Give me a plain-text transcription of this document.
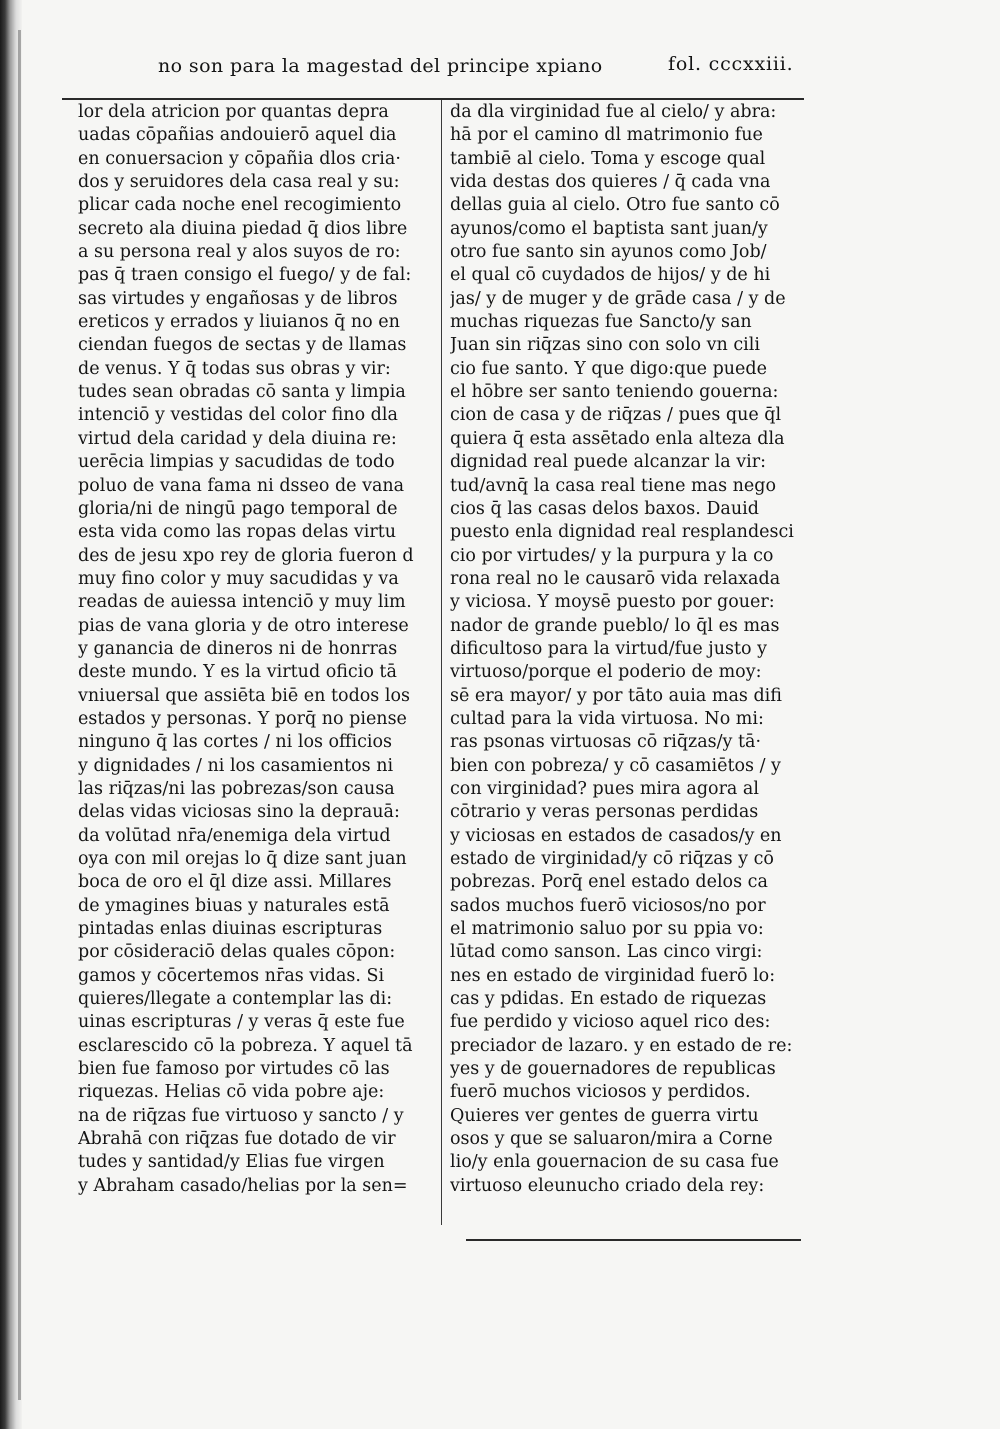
no son para la magestad del principe xpiano	fol. cccxxiii.
lor dela atricion por quantas depra
uadas cōpañias andouierō aquel dia
en conuersacion y cōpañia dlos cria·
dos y seruidores dela casa real y su:
plicar cada noche enel recogimiento
secreto ala diuina piedad q̄ dios libre
a su persona real y alos suyos de ro:
pas q̄ traen consigo el fuego/ y de fal:
sas virtudes y engañosas y de libros
ereticos y errados y liuianos q̄ no en
ciendan fuegos de sectas y de llamas
de venus. Y q̄ todas sus obras y vir:
tudes sean obradas cō santa y limpia
intenciō y vestidas del color fino dla
virtud dela caridad y dela diuina re:
uerēcia limpias y sacudidas de todo
poluo de vana fama ni dsseo de vana
gloria/ni de ningū pago temporal de
esta vida como las ropas delas virtu
des de jesu xpo rey de gloria fueron d
muy fino color y muy sacudidas y va
readas de auiessa intenciō y muy lim
pias de vana gloria y de otro interese
y ganancia de dineros ni de honrras
deste mundo. Y es la virtud oficio tā
vniuersal que assiēta biē en todos los
estados y personas. Y porq̄ no piense
ninguno q̄ las cortes / ni los officios
y dignidades / ni los casamientos ni
las riq̄zas/ni las pobrezas/son causa
delas vidas viciosas sino la deprauā:
da volūtad nr̄a/enemiga dela virtud
oya con mil orejas lo q̄ dize sant juan
boca de oro el q̄l dize assi. Millares
de ymagines biuas y naturales estā
pintadas enlas diuinas escripturas
por cōsideraciō delas quales cōpon:
gamos y cōcertemos nr̄as vidas. Si
quieres/llegate a contemplar las di:
uinas escripturas / y veras q̄ este fue
esclarescido cō la pobreza. Y aquel tā
bien fue famoso por virtudes cō las
riquezas. Helias cō vida pobre aje:
na de riq̄zas fue virtuoso y sancto / y
Abrahā con riq̄zas fue dotado de vir
tudes y santidad/y Elias fue virgen
y Abraham casado/helias por la sen=
da dla virginidad fue al cielo/ y abra:
hā por el camino dl matrimonio fue
tambiē al cielo. Toma y escoge qual
vida destas dos quieres / q̄ cada vna
dellas guia al cielo. Otro fue santo cō
ayunos/como el baptista sant juan/y
otro fue santo sin ayunos como Job/
el qual cō cuydados de hijos/ y de hi
jas/ y de muger y de grāde casa / y de
muchas riquezas fue Sancto/y san
Juan sin riq̄zas sino con solo vn cili
cio fue santo. Y que digo:que puede
el hōbre ser santo teniendo gouerna:
cion de casa y de riq̄zas / pues que q̄l
quiera q̄ esta assētado enla alteza dla
dignidad real puede alcanzar la vir:
tud/avnq̄ la casa real tiene mas nego
cios q̄ las casas delos baxos. Dauid
puesto enla dignidad real resplandesci
cio por virtudes/ y la purpura y la co
rona real no le causarō vida relaxada
y viciosa. Y moysē puesto por gouer:
nador de grande pueblo/ lo q̄l es mas
dificultoso para la virtud/fue justo y
virtuoso/porque el poderio de moy:
sē era mayor/ y por tāto auia mas difi
cultad para la vida virtuosa. No mi:
ras psonas virtuosas cō riq̄zas/y tā·
bien con pobreza/ y cō casamiētos / y
con virginidad? pues mira agora al
cōtrario y veras personas perdidas
y viciosas en estados de casados/y en
estado de virginidad/y cō riq̄zas y cō
pobrezas. Porq̄ enel estado delos ca
sados muchos fuerō viciosos/no por
el matrimonio saluo por su ppia vo:
lūtad como sanson. Las cinco virgi:
nes en estado de virginidad fuerō lo:
cas y pdidas. En estado de riquezas
fue perdido y vicioso aquel rico des:
preciador de lazaro. y en estado de re:
yes y de gouernadores de republicas
fuerō muchos viciosos y perdidos.
Quieres ver gentes de guerra virtu
osos y que se saluaron/mira a Corne
lio/y enla gouernacion de su casa fue
virtuoso eleunucho criado dela rey:
